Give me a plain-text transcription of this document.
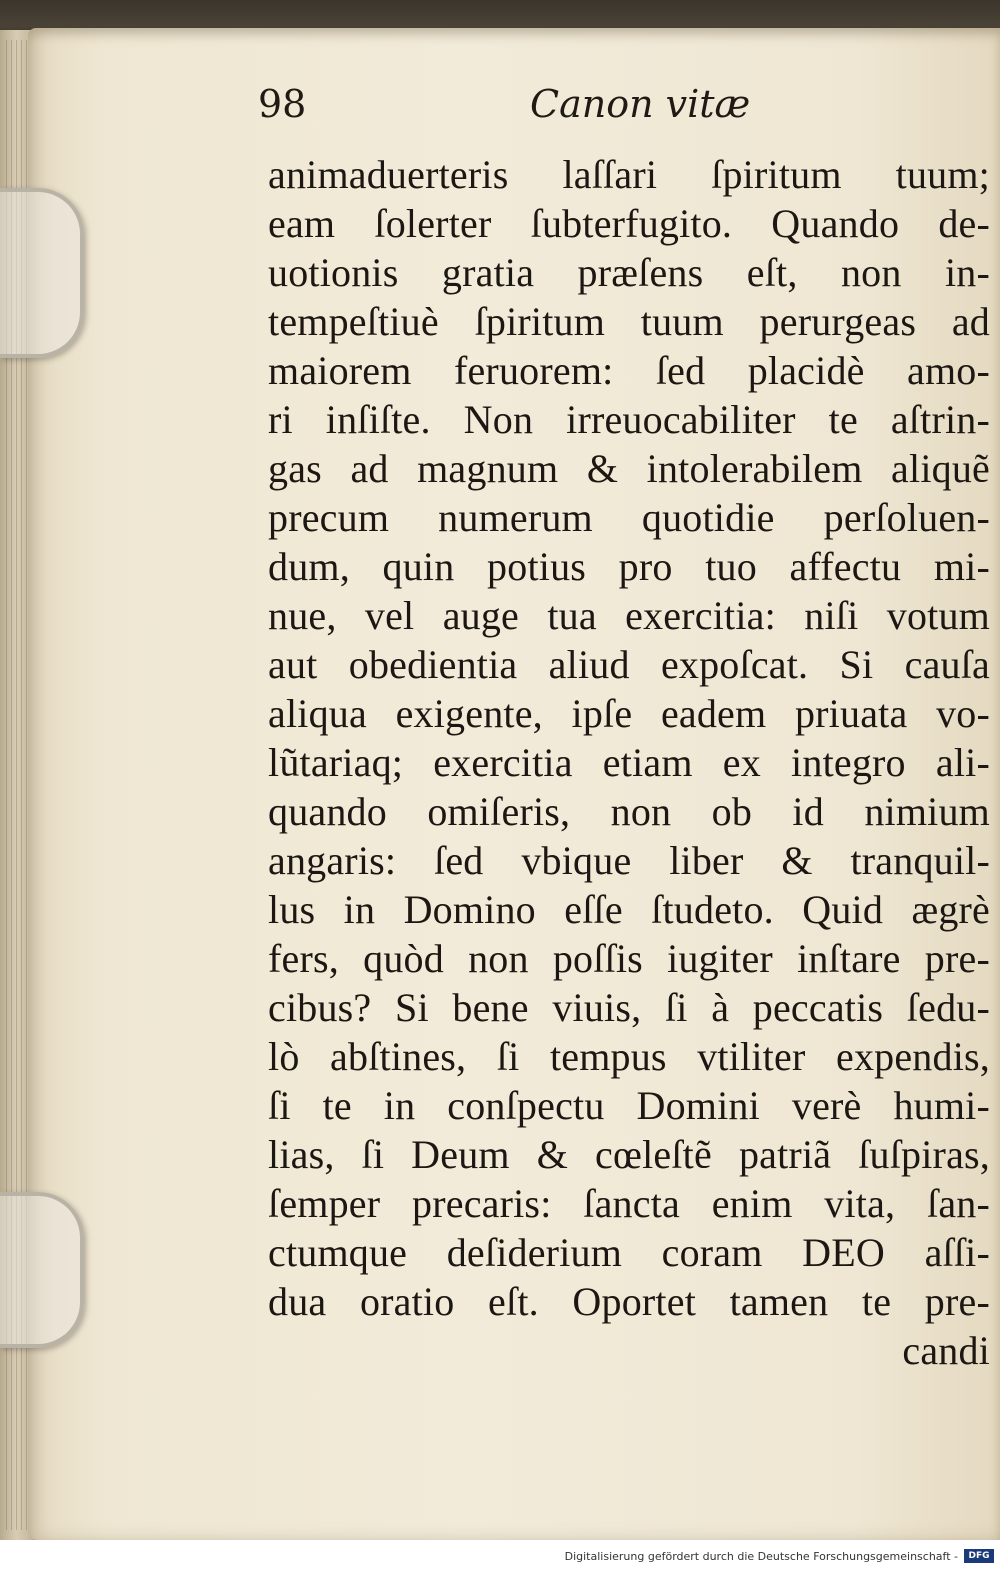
98	Canon vitæ
animaduerteris laſſari ſpiritum tuum;
eam ſolerter ſubterfugito. Quando de-
uotionis gratia præſens eſt, non in-
tempeſtiuè ſpiritum tuum perurgeas ad
maiorem feruorem: ſed placidè amo-
ri inſiſte. Non irreuocabiliter te aſtrin-
gas ad magnum & intolerabilem aliquẽ
precum numerum quotidie perſoluen-
dum, quin potius pro tuo affectu mi-
nue, vel auge tua exercitia: niſi votum
aut obedientia aliud expoſcat. Si cauſa
aliqua exigente, ipſe eadem priuata vo-
lũtariaq; exercitia etiam ex integro ali-
quando omiſeris, non ob id nimium
angaris: ſed vbique liber & tranquil-
lus in Domino eſſe ſtudeto. Quid ægrè
fers, quòd non poſſis iugiter inſtare pre-
cibus? Si bene viuis, ſi à peccatis ſedu-
lò abſtines, ſi tempus vtiliter expendis,
ſi te in conſpectu Domini verè humi-
lias, ſi Deum & cœleſtẽ patriã ſuſpiras,
ſemper precaris: ſancta enim vita, ſan-
ctumque deſiderium coram DEO aſſi-
dua oratio eſt. Oportet tamen te pre-
candi
Digitalisierung gefördert durch die Deutsche Forschungsgemeinschaft -	DFG
